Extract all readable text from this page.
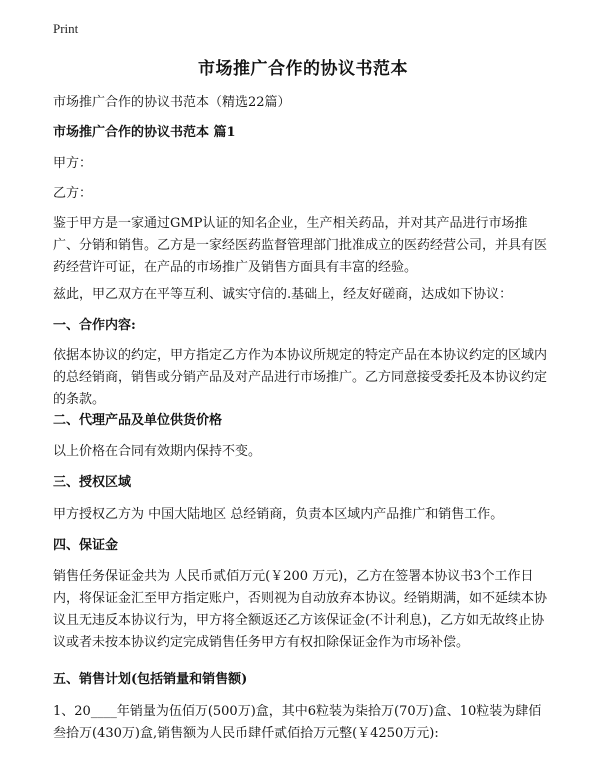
Print
市场推广合作的协议书范本

市场推广合作的协议书范本（精选22篇）

市场推广合作的协议书范本 篇1

甲方：

乙方：

鉴于甲方是一家通过GMP认证的知名企业，生产相关药品，并对其产品进行市场推广、分销和销售。乙方是一家经医药监督管理部门批准成立的医药经营公司，并具有医药经营许可证，在产品的市场推广及销售方面具有丰富的经验。

兹此，甲乙双方在平等互利、诚实守信的.基础上，经友好磋商，达成如下协议：

一、合作内容:

依据本协议的约定，甲方指定乙方作为本协议所规定的特定产品在本协议约定的区域内的总经销商，销售或分销产品及对产品进行市场推广。乙方同意接受委托及本协议约定的条款。

二、代理产品及单位供货价格

以上价格在合同有效期内保持不变。

三、授权区域

甲方授权乙方为 中国大陆地区 总经销商，负责本区域内产品推广和销售工作。

四、保证金

销售任务保证金共为 人民币贰佰万元(￥200 万元)，乙方在签署本协议书3个工作日内，将保证金汇至甲方指定账户，否则视为自动放弃本协议。经销期满，如不延续本协议且无违反本协议行为，甲方将全额返还乙方该保证金(不计利息)，乙方如无故终止协议或者未按本协议约定完成销售任务甲方有权扣除保证金作为市场补偿。

五、销售计划(包括销量和销售额)

1、20____年销量为伍佰万(500万)盒，其中6粒装为柒拾万(70万)盒、10粒装为肆佰叁拾万(430万)盒,销售额为人民币肆仟贰佰拾万元整(￥4250万元):
